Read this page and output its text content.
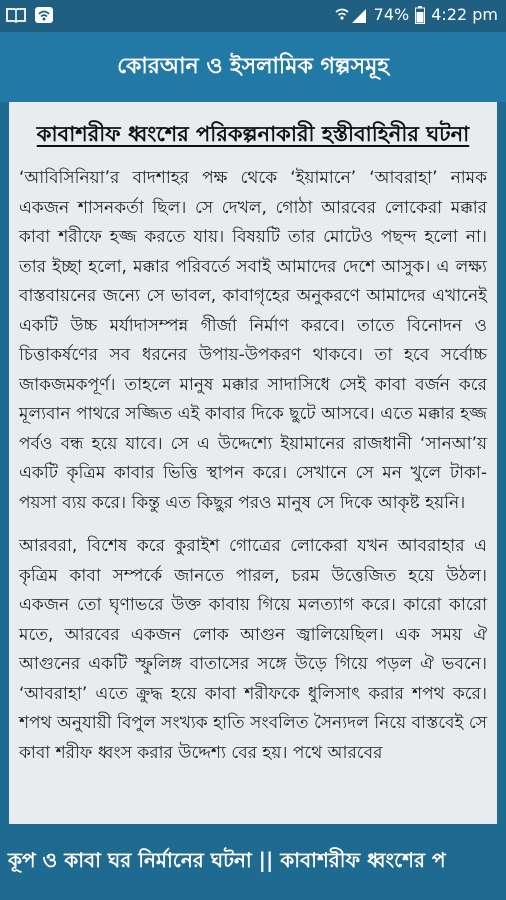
74% 4:22 pm
কোরআন ও ইসলামিক গল্পসমূহ
কাবাশরীফ ধ্বংশের পরিকল্পনাকারী হস্তীবাহিনীর ঘটনা

‘আবিসিনিয়া’র বাদশাহর পক্ষ থেকে ‘ইয়ামানে’ ‘আবরাহা’ নামক একজন শাসনকর্তা ছিল। সে দেখল, গোঠা আরবের লোকেরা মক্কার কাবা শরীফে হজ্জ করতে যায়। বিষয়টি তার মোটেও পছন্দ হলো না। তার ইচ্ছা হলো, মক্কার পরিবর্তে সবাই আমাদের দেশে আসুক। এ লক্ষ্য বাস্তবায়নের জন্যে সে ভাবল, কাবাগৃহের অনুকরণে আমাদের এখানেই একটি উচ্চ মর্যাদাসম্পন্ন গীর্জা নির্মাণ করবে। তাতে বিনোদন ও চিত্তাকর্ষণের সব ধরনের উপায়-উপকরণ থাকবে। তা হবে সর্বোচ্চ জাকজমকপূর্ণ। তাহলে মানুষ মক্কার সাদাসিধে সেই কাবা বর্জন করে মূল্যবান পাথরে সজ্জিত এই কাবার দিকে ছুটে আসবে। এতে মক্কার হজ্জ পর্বও বন্ধ হয়ে যাবে। সে এ উদ্দেশ্যে ইয়ামানের রাজধানী ‘সানআ’য় একটি কৃত্রিম কাবার ভিত্তি স্থাপন করে। সেখানে সে মন খুলে টাকা-পয়সা ব্যয় করে। কিন্তু এত কিছুর পরও মানুষ সে দিকে আকৃষ্ট হয়নি।

আরবরা, বিশেষ করে কুরাইশ গোত্রের লোকেরা যখন আবরাহার এ কৃত্রিম কাবা সম্পর্কে জানতে পারল, চরম উত্তেজিত হয়ে উঠল। একজন তো ঘৃণাভরে উক্ত কাবায় গিয়ে মলত্যাগ করে। কারো কারো মতে, আরবের একজন লোক আগুন জ্বালিয়েছিল। এক সময় ঐ আগুনের একটি স্ফুলিঙ্গ বাতাসের সঙ্গে উড়ে গিয়ে পড়ল ঐ ভবনে। ‘আবরাহা’ এতে ক্রুদ্ধ হয়ে কাবা শরীফকে ধুলিসাৎ করার শপথ করে। শপথ অনুযায়ী বিপুল সংখ্যক হাতি সংবলিত সৈন্যদল নিয়ে বাস্তবেই সে কাবা শরীফ ধ্বংস করার উদ্দেশ্য বের হয়। পথে আরবের

কূপ ও কাবা ঘর নির্মানের ঘটনা || কাবাশরীফ ধ্বংশের প
